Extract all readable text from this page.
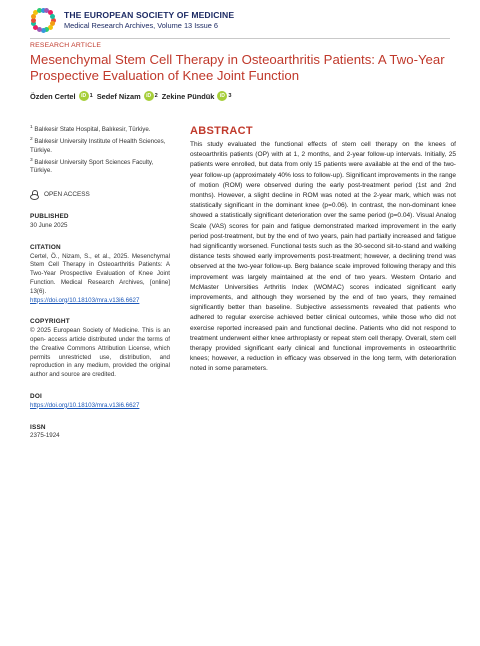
THE EUROPEAN SOCIETY OF MEDICINE
Medical Research Archives, Volume 13 Issue 6
RESEARCH ARTICLE
Mesenchymal Stem Cell Therapy in Osteoarthritis Patients: A Two-Year Prospective Evaluation of Knee Joint Function
Özden Certel	iD 1 Sedef Nizam	iD 2 Zekine Pündük	iD 3
$^1$ Balıkesir State Hospital, Balıkesir, Türkiye.
$^2$ Balıkesir University Institute of Health Sciences, Türkiye.
$^3$ Balıkesir University Sport Sciences Faculty, Türkiye.
OPEN ACCESS
PUBLISHED
30 June 2025
CITATION
Certel, Ö., Nizam, S., et al., 2025. Mesenchymal Stem Cell Therapy in Osteoarthritis Patients: A Two-Year Prospective Evaluation of Knee Joint Function. Medical Research Archives, [online] 13(6).
https://doi.org/10.18103/mra.v13i6.6627
COPYRIGHT
© 2025 European Society of Medicine. This is an open- access article distributed under the terms of the Creative Commons Attribution License, which permits unrestricted use, distribution, and reproduction in any medium, provided the original author and source are credited.
DOI
https://doi.org/10.18103/mra.v13i6.6627
ISSN
2375-1924
ABSTRACT
This study evaluated the functional effects of stem cell therapy on the knees of osteoarthritis patients (OP) with at 1, 2 months, and 2-year follow-up intervals. Initially, 25 patients were enrolled, but data from only 15 patients were available at the end of the two-year follow-up (approximately 40% loss to follow-up). Significant improvements in the range of motion (ROM) were observed during the early post-treatment period (1st and 2nd months). However, a slight decline in ROM was noted at the 2-year mark, which was not statistically significant in the dominant knee (p=0.06). In contrast, the non-dominant knee showed a statistically significant deterioration over the same period (p=0.04). Visual Analog Scale (VAS) scores for pain and fatigue demonstrated marked improvement in the early period post-treatment, but by the end of two years, pain had partially increased and fatigue had significantly worsened. Functional tests such as the 30-second sit-to-stand and walking distance tests showed early improvements post-treatment; however, a declining trend was observed at the two-year follow-up. Berg balance scale improved following therapy and this improvement was largely maintained at the end of two years. Western Ontario and McMaster Universities Arthritis Index (WOMAC) scores indicated significant early improvements, and although they worsened by the end of two years, they remained significantly better than baseline. Subjective assessments revealed that patients who adhered to regular exercise achieved better clinical outcomes, while those who did not exercise reported increased pain and functional decline. Patients who did not respond to treatment underwent either knee arthroplasty or repeat stem cell therapy. Overall, stem cell therapy provided significant early clinical and functional improvements in osteoarthritic knees; however, a reduction in efficacy was observed in the long term, with deterioration noted in some parameters.
